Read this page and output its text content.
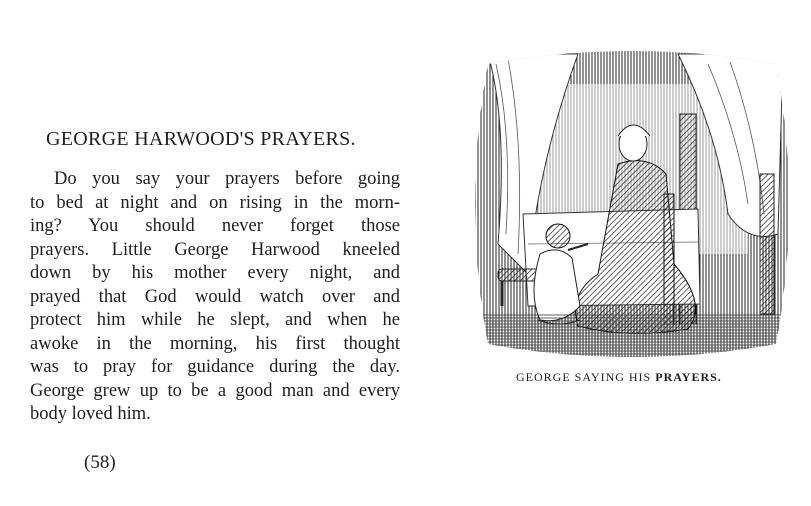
GEORGE HARWOOD'S PRAYERS.
Do you say your prayers before going
to bed at night and on rising in the morn-
ing? You should never forget those
prayers. Little George Harwood kneeled
down by his mother every night, and
prayed that God would watch over and
protect him while he slept, and when he
awoke in the morning, his first thought
was to pray for guidance during the day.
George grew up to be a good man and every
body loved him.
(58)
GEORGE SAYING HIS PRAYERS.
